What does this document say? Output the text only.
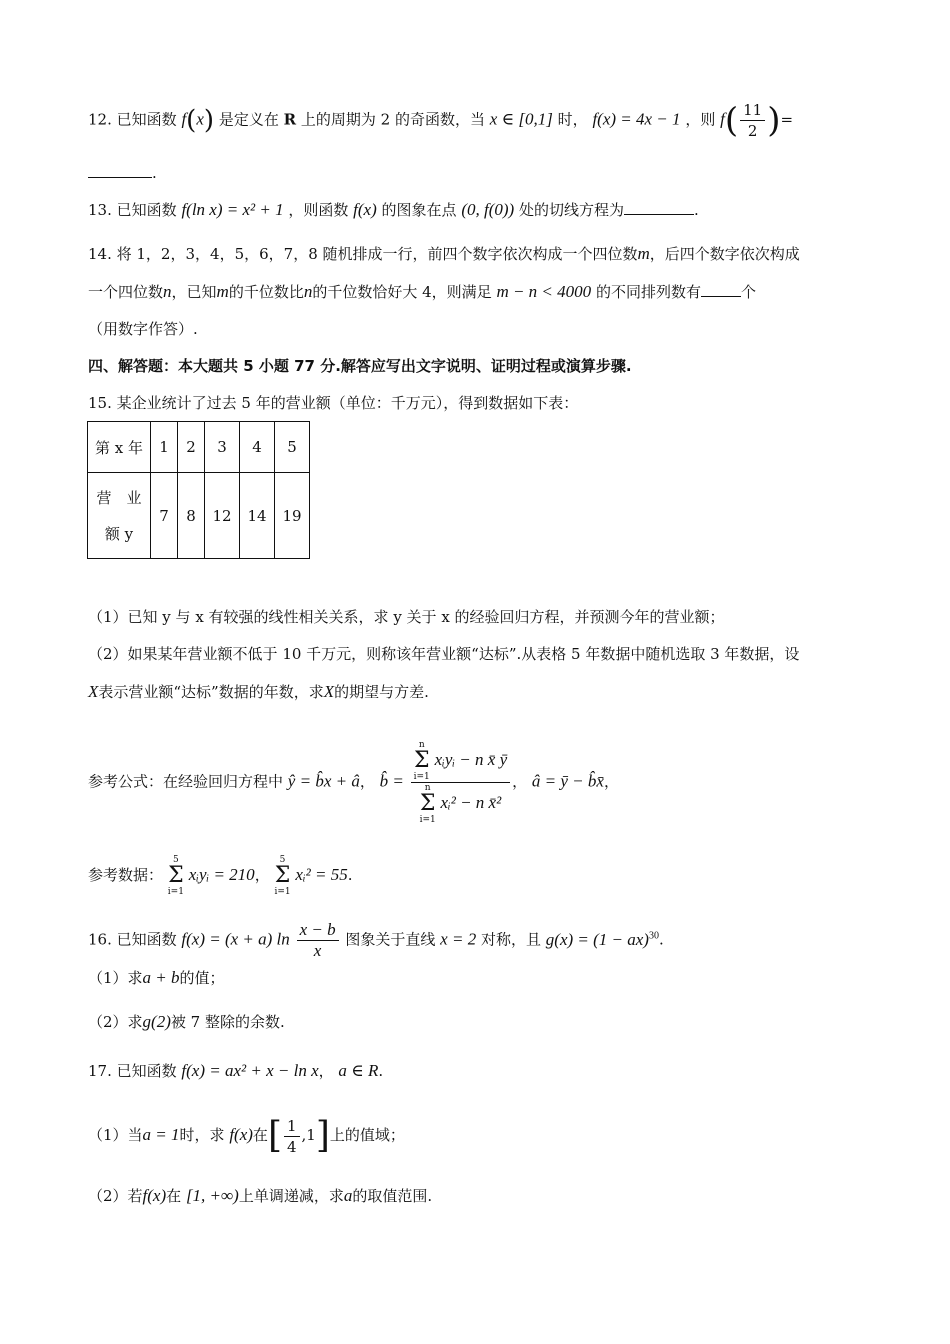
12. 已知函数 f(x) 是定义在 R 上的周期为 2 的奇函数，当 x ∈ [0,1] 时， f(x) = 4x − 1 ，则 $f( \frac{11}{2}$ )=
.
13. 已知函数 f(ln x) = x² + 1 ，则函数 f(x) 的图象在点 (0, f(0)) 处的切线方程为	.
14. 将 1，2，3，4，5，6，7，8 随机排成一行，前四个数字依次构成一个四位数m，后四个数字依次构成
一个四位数n，已知m的千位数比n的千位数恰好大 4，则满足 m − n < 4000 的不同排列数有	个
（用数字作答）.
四、解答题：本大题共 5 小题 77 分.解答应写出文字说明、证明过程或演算步骤.
15. 某企业统计了过去 5 年的营业额（单位：千万元），得到数据如下表：
第 x 年	1	2	3	4	5
营　业
额 y	7	8	12	14	19
（1）已知 y 与 x 有较强的线性相关关系，求 y 关于 x 的经验回归方程，并预测今年的营业额；
（2）如果某年营业额不低于 10 千万元，则称该年营业额“达标”.从表格 5 年数据中随机选取 3 年数据，设
X表示营业额“达标”数据的年数，求X的期望与方差.
参考公式：在经验回归方程中 ŷ = b̂x + â， b̂ = n
Σ
i=1 xᵢyᵢ − n x̄ ȳ
n
Σ
i=1 xᵢ² − n x̄² ， â = ȳ − b̂x̄，
参考数据： 5
Σ
i=1 xᵢyᵢ = 210， 5
Σ
i=1 xᵢ² = 55.
16. 已知函数 f(x) = (x + a) $\ln \frac{x - b}{x}$ 图象关于直线 x = 2 对称，且 g(x) = (1 − ax)$^{30}$.
（1）求a + b的值；
（2）求g(2)被 7 整除的余数.
17. 已知函数 f(x) = ax² + x − ln x， a ∈ R.
（1）当a = 1时，求 f(x)在[ $\frac{1}{4} ,1$]上的值域；
（2）若f(x)在 [1, +∞)上单调递减，求a的取值范围.
